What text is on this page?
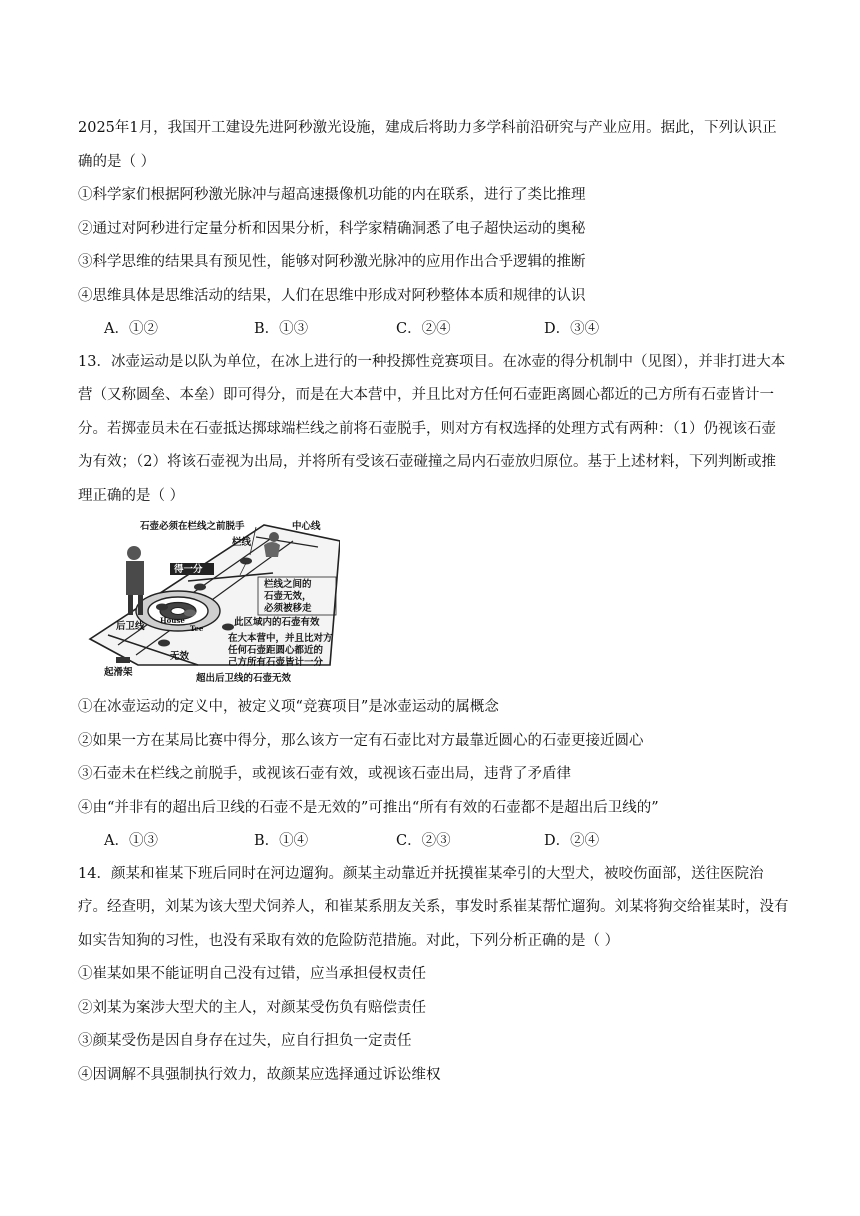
2025年1月，我国开工建设先进阿秒激光设施，建成后将助力多学科前沿研究与产业应用。据此，下列认识正确的是（ ）

①科学家们根据阿秒激光脉冲与超高速摄像机功能的内在联系，进行了类比推理

②通过对阿秒进行定量分析和因果分析，科学家精确洞悉了电子超快运动的奥秘

③科学思维的结果具有预见性，能够对阿秒激光脉冲的应用作出合乎逻辑的推断

④思维具体是思维活动的结果，人们在思维中形成对阿秒整体本质和规律的认识

A．①②	B．①③	C．②④	D．③④

13．冰壶运动是以队为单位，在冰上进行的一种投掷性竞赛项目。在冰壶的得分机制中（见图），并非打进大本营（又称圆垒、本垒）即可得分，而是在大本营中，并且比对方任何石壶距离圆心都近的己方所有石壶皆计一分。若掷壶员未在石壶抵达掷球端栏线之前将石壶脱手，则对方有权选择的处理方式有两种：（1）仍视该石壶为有效；（2）将该石壶视为出局，并将所有受该石壶碰撞之局内石壶放归原位。基于上述材料，下列判断或推理正确的是（ ）

石壶必须在栏线之前脱手	中心线
栏线
得一分
栏线之间的
石壶无效，
必须被移走
House
Tee
此区域内的石壶有效
在大本营中，并且比对方
任何石壶距圆心都近的
己方所有石壶皆计一分
后卫线
无效
超出后卫线的石壶无效
起滑架

①在冰壶运动的定义中，被定义项“竞赛项目”是冰壶运动的属概念

②如果一方在某局比赛中得分，那么该方一定有石壶比对方最靠近圆心的石壶更接近圆心

③石壶未在栏线之前脱手，或视该石壶有效，或视该石壶出局，违背了矛盾律

④由“并非有的超出后卫线的石壶不是无效的”可推出“所有有效的石壶都不是超出后卫线的”

A．①③	B．①④	C．②③	D．②④

14．颜某和崔某下班后同时在河边遛狗。颜某主动靠近并抚摸崔某牵引的大型犬，被咬伤面部，送往医院治疗。经查明，刘某为该大型犬饲养人，和崔某系朋友关系，事发时系崔某帮忙遛狗。刘某将狗交给崔某时，没有如实告知狗的习性，也没有采取有效的危险防范措施。对此，下列分析正确的是（ ）

①崔某如果不能证明自己没有过错，应当承担侵权责任

②刘某为案涉大型犬的主人，对颜某受伤负有赔偿责任

③颜某受伤是因自身存在过失，应自行担负一定责任

④因调解不具强制执行效力，故颜某应选择通过诉讼维权
